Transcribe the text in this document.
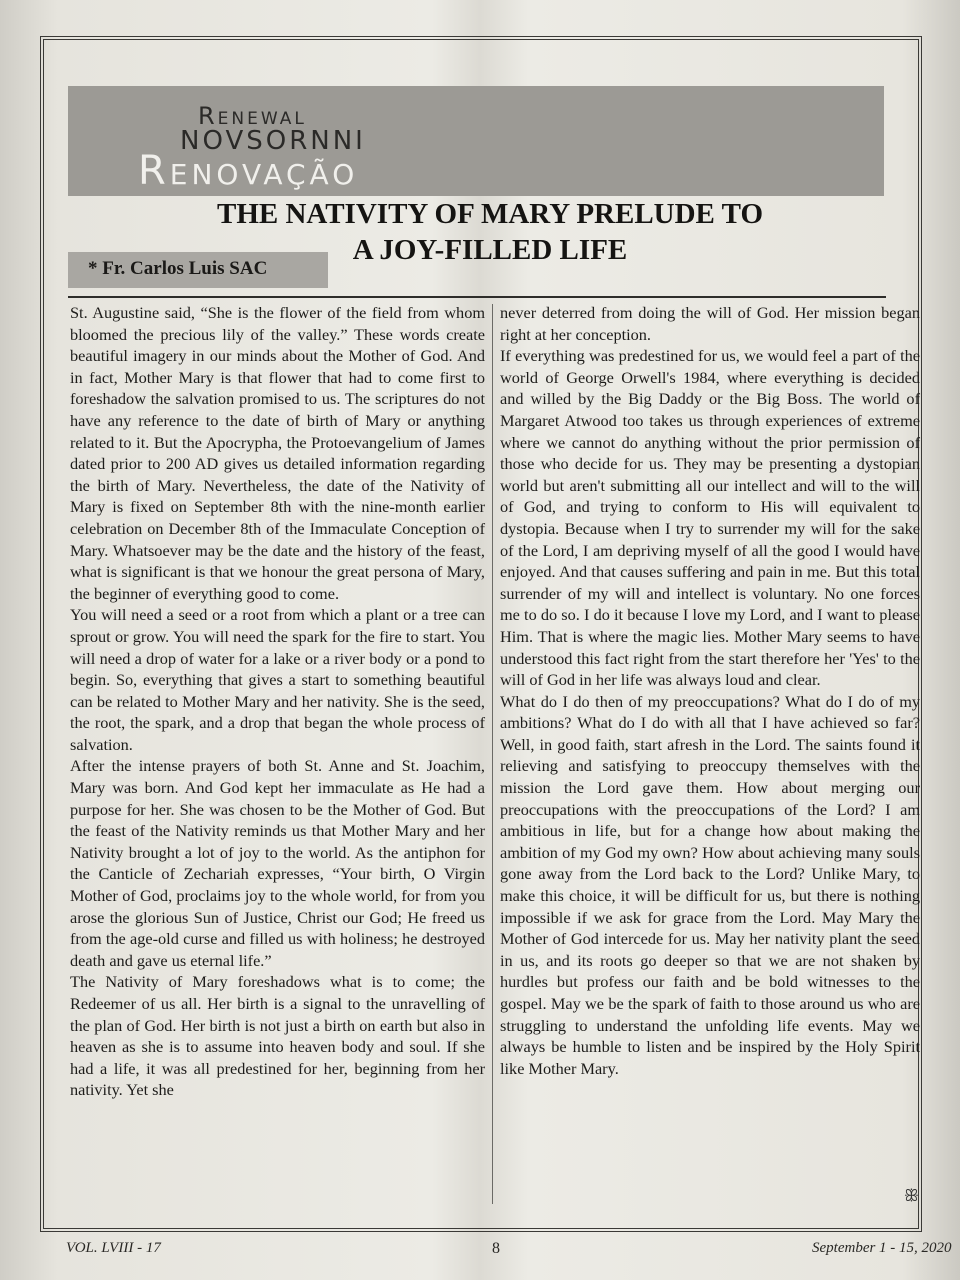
Renewal
NOVSORNNI
Renovação
THE NATIVITY OF MARY PRELUDE TO A JOY-FILLED LIFE
* Fr. Carlos Luis SAC

St. Augustine said, “She is the flower of the field from whom bloomed the precious lily of the valley.” These words create beautiful imagery in our minds about the Mother of God. And in fact, Mother Mary is that flower that had to come first to foreshadow the salvation promised to us. The scriptures do not have any reference to the date of birth of Mary or anything related to it. But the Apocrypha, the Protoevangelium of James dated prior to 200 AD gives us detailed information regarding the birth of Mary. Nevertheless, the date of the Nativity of Mary is fixed on September 8th with the nine-month earlier celebration on December 8th of the Immaculate Conception of Mary. Whatsoever may be the date and the history of the feast, what is significant is that we honour the great persona of Mary, the beginner of everything good to come.

You will need a seed or a root from which a plant or a tree can sprout or grow. You will need the spark for the fire to start. You will need a drop of water for a lake or a river body or a pond to begin. So, everything that gives a start to something beautiful can be related to Mother Mary and her nativity. She is the seed, the root, the spark, and a drop that began the whole process of salvation.

After the intense prayers of both St. Anne and St. Joachim, Mary was born. And God kept her immaculate as He had a purpose for her. She was chosen to be the Mother of God. But the feast of the Nativity reminds us that Mother Mary and her Nativity brought a lot of joy to the world. As the antiphon for the Canticle of Zechariah expresses, “Your birth, O Virgin Mother of God, proclaims joy to the whole world, for from you arose the glorious Sun of Justice, Christ our God; He freed us from the age-old curse and filled us with holiness; he destroyed death and gave us eternal life.”

The Nativity of Mary foreshadows what is to come; the Redeemer of us all. Her birth is a signal to the unravelling of the plan of God. Her birth is not just a birth on earth but also in heaven as she is to assume into heaven body and soul. If she had a life, it was all predestined for her, beginning from her nativity. Yet she

never deterred from doing the will of God. Her mission began right at her conception.

If everything was predestined for us, we would feel a part of the world of George Orwell's 1984, where everything is decided and willed by the Big Daddy or the Big Boss. The world of Margaret Atwood too takes us through experiences of extreme where we cannot do anything without the prior permission of those who decide for us. They may be presenting a dystopian world but aren't submitting all our intellect and will to the will of God, and trying to conform to His will equivalent to dystopia. Because when I try to surrender my will for the sake of the Lord, I am depriving myself of all the good I would have enjoyed. And that causes suffering and pain in me. But this total surrender of my will and intellect is voluntary. No one forces me to do so. I do it because I love my Lord, and I want to please Him. That is where the magic lies. Mother Mary seems to have understood this fact right from the start therefore her 'Yes' to the will of God in her life was always loud and clear.

What do I do then of my preoccupations? What do I do of my ambitions? What do I do with all that I have achieved so far? Well, in good faith, start afresh in the Lord. The saints found it relieving and satisfying to preoccupy themselves with the mission the Lord gave them. How about merging our preoccupations with the preoccupations of the Lord? I am ambitious in life, but for a change how about making the ambition of my God my own? How about achieving many souls gone away from the Lord back to the Lord? Unlike Mary, to make this choice, it will be difficult for us, but there is nothing impossible if we ask for grace from the Lord. May Mary the Mother of God intercede for us. May her nativity plant the seed in us, and its roots go deeper so that we are not shaken by hurdles but profess our faith and be bold witnesses to the gospel. May we be the spark of faith to those around us who are struggling to understand the unfolding life events. May we always be humble to listen and be inspired by the Holy Spirit like Mother Mary.

ꕥ
VOL. LVIII - 17	8	September 1 - 15, 2020
